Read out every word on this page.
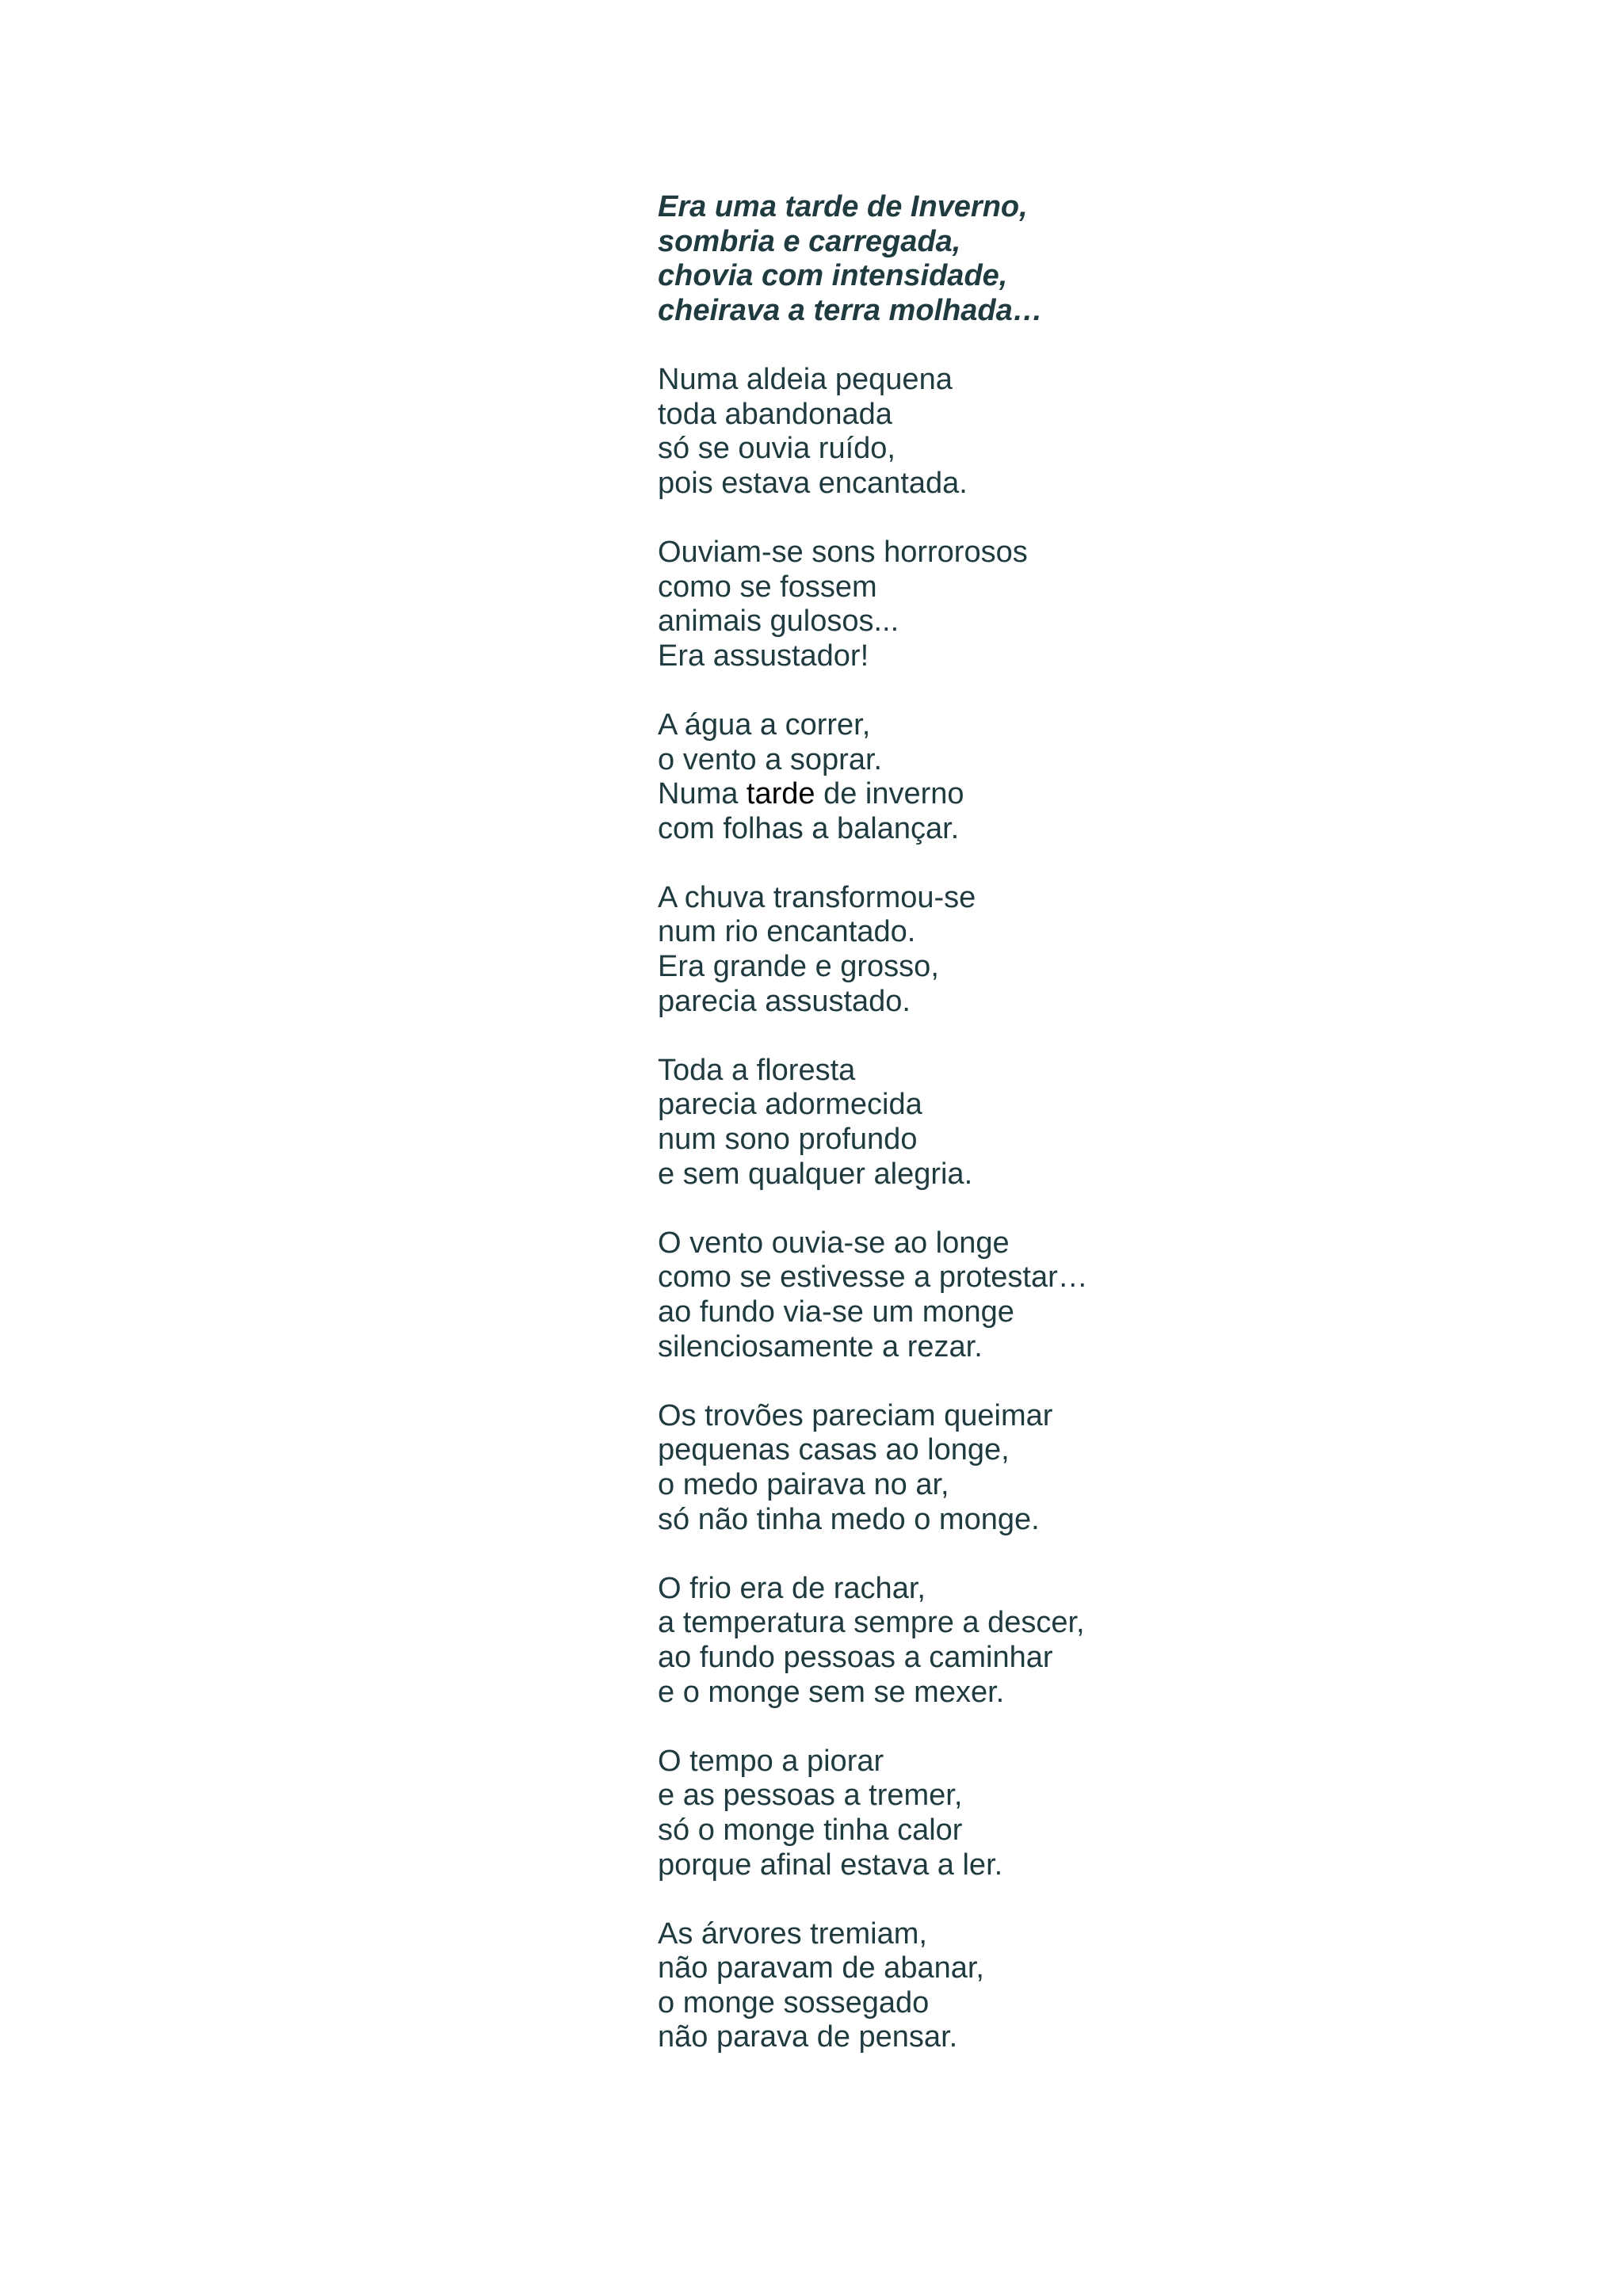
Era uma tarde de Inverno,
sombria e carregada,
chovia com intensidade,
cheirava a terra molhada…
Numa aldeia pequena
toda abandonada
só se ouvia ruído,
pois estava encantada.
Ouviam-se sons horrorosos
como se fossem
animais gulosos...
Era assustador!
A água a correr,
o vento a soprar.
Numa tarde de inverno
com folhas a balançar.
A chuva transformou-se
num rio encantado.
Era grande e grosso,
parecia assustado.
Toda a floresta
parecia adormecida
num sono profundo
e sem qualquer alegria.
O vento ouvia-se ao longe
como se estivesse a protestar…
ao fundo via-se um monge
silenciosamente a rezar.
Os trovões pareciam queimar
pequenas casas ao longe,
o medo pairava no ar,
só não tinha medo o monge.
O frio era de rachar,
a temperatura sempre a descer,
ao fundo pessoas a caminhar
e o monge sem se mexer.
O tempo a piorar
e as pessoas a tremer,
só o monge tinha calor
porque afinal estava a ler.
As árvores tremiam,
não paravam de abanar,
o monge sossegado
não parava de pensar.
